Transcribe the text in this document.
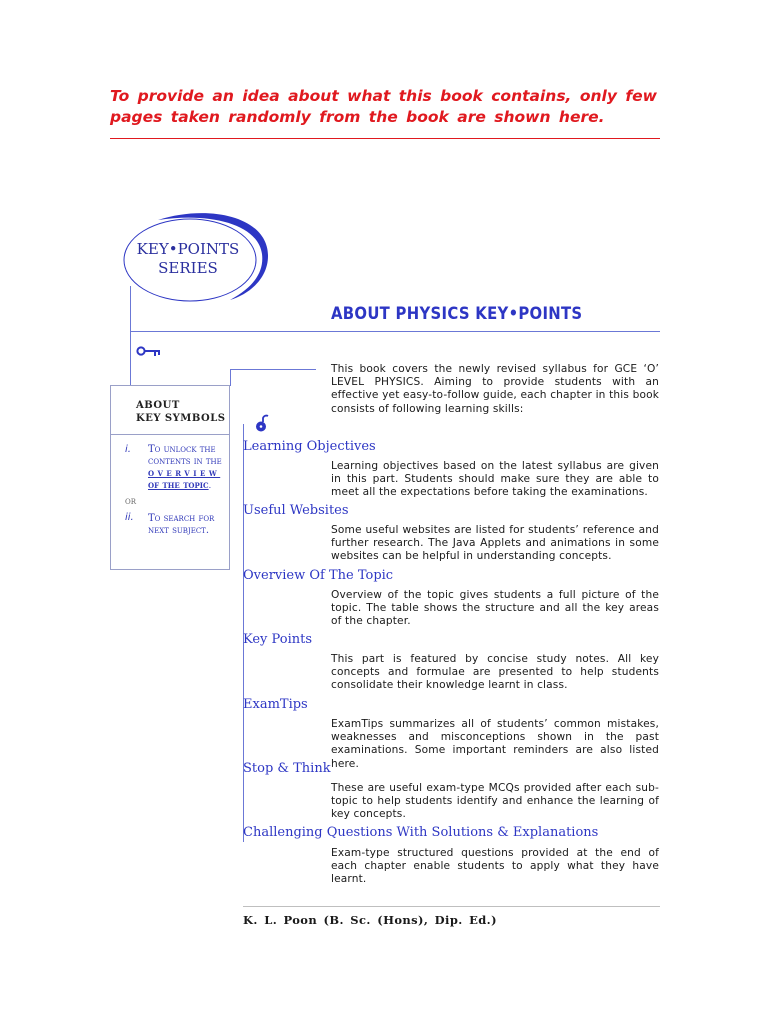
To provide an idea about what this book contains, only few pages taken randomly from the book are shown here.
KEY•POINTS
SERIES
ABOUT PHYSICS KEY•POINTS
ABOUT
KEY SYMBOLS
i. To unlock the
contents in the
overview
of the topic.
OR
ii. To search for
next subject.
This book covers the newly revised syllabus for GCE ‘O’ LEVEL PHYSICS. Aiming to provide students with an effective yet easy-to-follow guide, each chapter in this book consists of following learning skills:
Learning Objectives
Learning objectives based on the latest syllabus are given in this part. Students should make sure they are able to meet all the expectations before taking the examinations.
Useful Websites
Some useful websites are listed for students’ reference and further research. The Java Applets and animations in some websites can be helpful in understanding concepts.
Overview Of The Topic
Overview of the topic gives students a full picture of the topic. The table shows the structure and all the key areas of the chapter.
Key Points
This part is featured by concise study notes. All key concepts and formulae are presented to help students consolidate their knowledge learnt in class.
ExamTips
ExamTips summarizes all of students’ common mistakes, weaknesses and misconceptions shown in the past examinations. Some important reminders are also listed here.
Stop & Think
These are useful exam-type MCQs provided after each sub-topic to help students identify and enhance the learning of key concepts.
Challenging Questions With Solutions & Explanations
Exam-type structured questions provided at the end of each chapter enable students to apply what they have learnt.
K. L. Poon (B. Sc. (Hons), Dip. Ed.)
